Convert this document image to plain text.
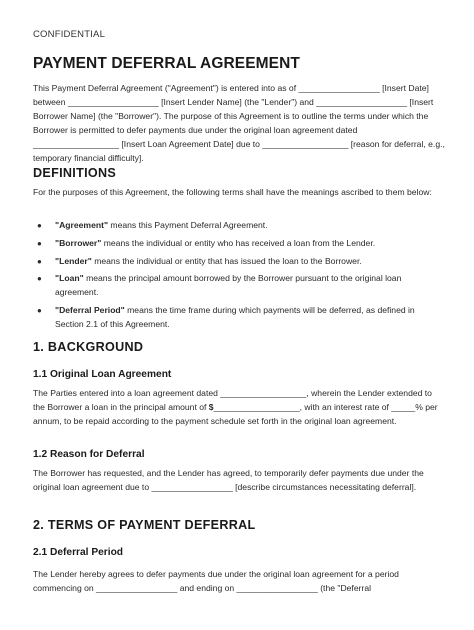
CONFIDENTIAL
PAYMENT DEFERRAL AGREEMENT

This Payment Deferral Agreement ("Agreement") is entered into as of _________________ [Insert Date] between ___________________ [Insert Lender Name] (the "Lender") and ___________________ [Insert Borrower Name] (the "Borrower"). The purpose of this Agreement is to outline the terms under which the Borrower is permitted to defer payments due under the original loan agreement dated __________________ [Insert Loan Agreement Date] due to __________________ [reason for deferral, e.g., temporary financial difficulty].

DEFINITIONS

For the purposes of this Agreement, the following terms shall have the meanings ascribed to them below:

● "Agreement" means this Payment Deferral Agreement.
● "Borrower" means the individual or entity who has received a loan from the Lender.
● "Lender" means the individual or entity that has issued the loan to the Borrower.
● "Loan" means the principal amount borrowed by the Borrower pursuant to the original loan agreement.
● "Deferral Period" means the time frame during which payments will be deferred, as defined in Section 2.1 of this Agreement.
1. BACKGROUND
1.1 Original Loan Agreement

The Parties entered into a loan agreement dated __________________, wherein the Lender extended to the Borrower a loan in the principal amount of $__________________, with an interest rate of _____% per annum, to be repaid according to the payment schedule set forth in the original loan agreement.

1.2 Reason for Deferral

The Borrower has requested, and the Lender has agreed, to temporarily defer payments due under the original loan agreement due to _________________ [describe circumstances necessitating deferral].

2. TERMS OF PAYMENT DEFERRAL
2.1 Deferral Period

The Lender hereby agrees to defer payments due under the original loan agreement for a period commencing on _________________ and ending on _________________ (the "Deferral
